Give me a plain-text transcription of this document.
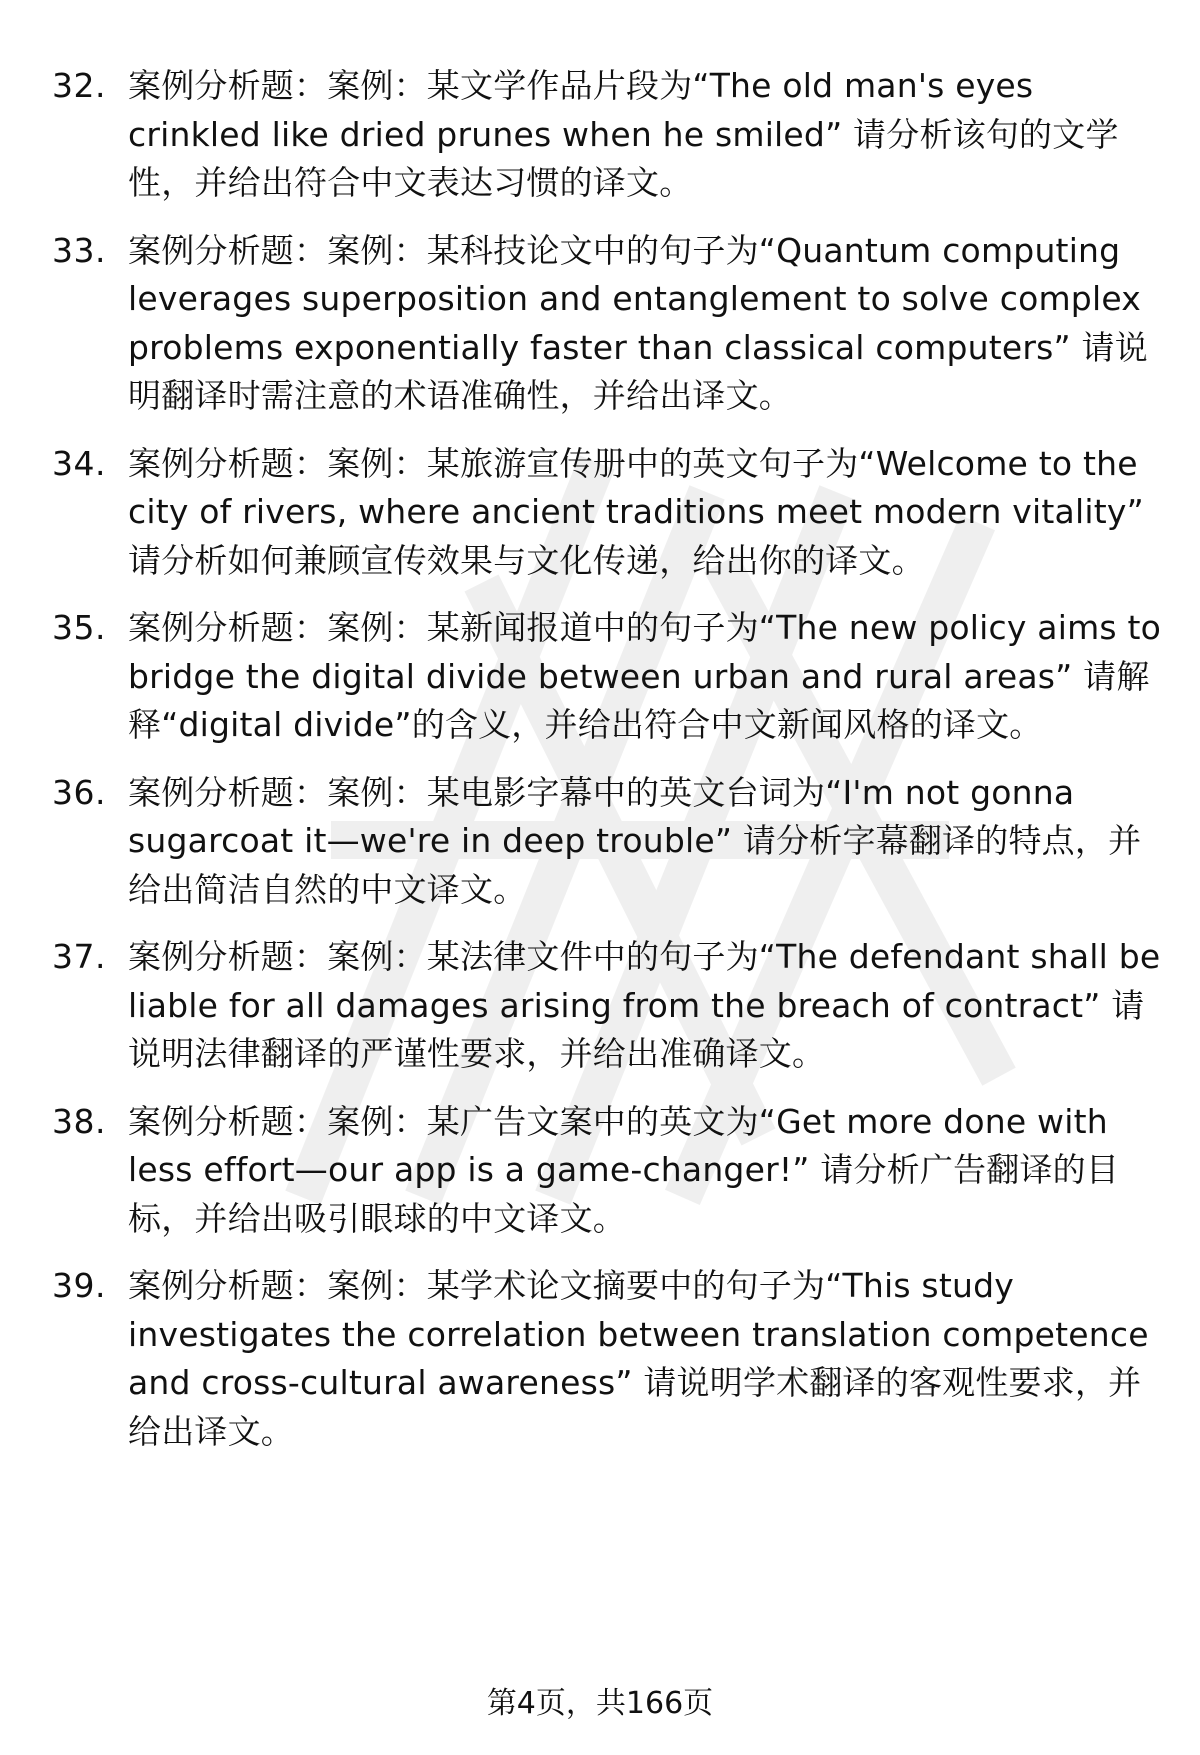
32. 案例分析题：案例：某文学作品片段为“The old man's eyes crinkled like dried prunes when he smiled” 请分析该句的文学性，并给出符合中文表达习惯的译文。
33. 案例分析题：案例：某科技论文中的句子为“Quantum computing leverages superposition and entanglement to solve complex problems exponentially faster than classical computers” 请说明翻译时需注意的术语准确性，并给出译文。
34. 案例分析题：案例：某旅游宣传册中的英文句子为“Welcome to the city of rivers, where ancient traditions meet modern vitality” 请分析如何兼顾宣传效果与文化传递，给出你的译文。
35. 案例分析题：案例：某新闻报道中的句子为“The new policy aims to bridge the digital divide between urban and rural areas” 请解释“digital divide”的含义，并给出符合中文新闻风格的译文。
36. 案例分析题：案例：某电影字幕中的英文台词为“I'm not gonna sugarcoat it—we're in deep trouble” 请分析字幕翻译的特点，并给出简洁自然的中文译文。
37. 案例分析题：案例：某法律文件中的句子为“The defendant shall be liable for all damages arising from the breach of contract” 请说明法律翻译的严谨性要求，并给出准确译文。
38. 案例分析题：案例：某广告文案中的英文为“Get more done with less effort—our app is a game-changer!” 请分析广告翻译的目标，并给出吸引眼球的中文译文。
39. 案例分析题：案例：某学术论文摘要中的句子为“This study investigates the correlation between translation competence and cross-cultural awareness” 请说明学术翻译的客观性要求，并给出译文。
第4页，共166页
